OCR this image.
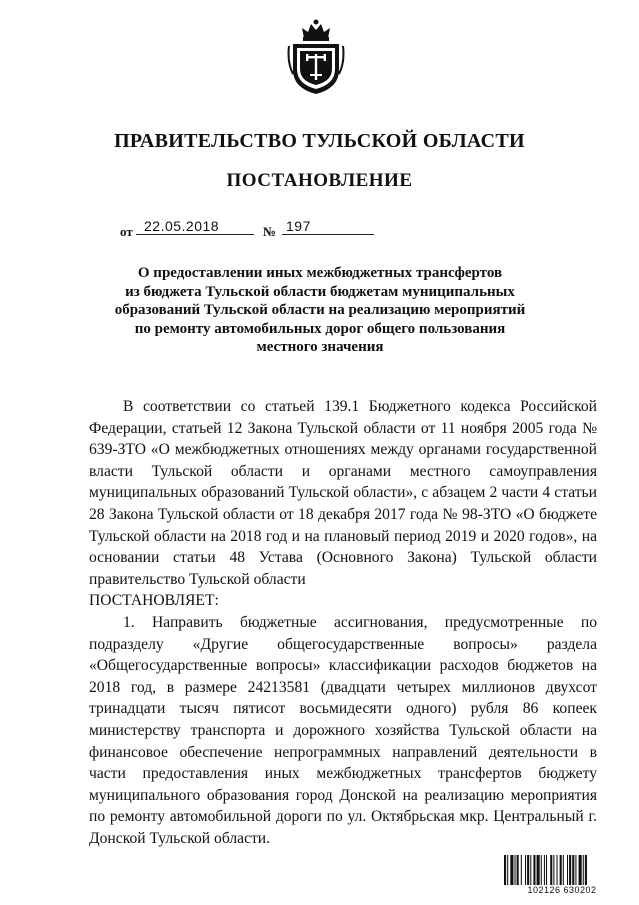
ПРАВИТЕЛЬСТВО ТУЛЬСКОЙ ОБЛАСТИ
ПОСТАНОВЛЕНИЕ
от 22.05.2018	№ 197
О предоставлении иных межбюджетных трансфертов
из бюджета Тульской области бюджетам муниципальных
образований Тульской области на реализацию мероприятий
по ремонту автомобильных дорог общего пользования
местного значения

В соответствии со статьей 139.1 Бюджетного кодекса Российской Федерации, статьей 12 Закона Тульской области от 11 ноября 2005 года № 639-ЗТО «О межбюджетных отношениях между органами государственной власти Тульской области и органами местного самоуправления муниципальных образований Тульской области», с абзацем 2 части 4 статьи 28 Закона Тульской области от 18 декабря 2017 года № 98-ЗТО «О бюджете Тульской области на 2018 год и на плановый период 2019 и 2020 годов», на основании статьи 48 Устава (Основного Закона) Тульской области правительство Тульской области

ПОСТАНОВЛЯЕТ:

1. Направить бюджетные ассигнования, предусмотренные по подразделу «Другие общегосударственные вопросы» раздела «Общегосударственные вопросы» классификации расходов бюджетов на 2018 год, в размере 24213581 (двадцати четырех миллионов двухсот тринадцати тысяч пятисот восьмидесяти одного) рубля 86 копеек министерству транспорта и дорожного хозяйства Тульской области на финансовое обеспечение непрограммных направлений деятельности в части предоставления иных межбюджетных трансфертов бюджету муниципального образования город Донской на реализацию мероприятия по ремонту автомобильной дороги по ул. Октябрьская мкр. Центральный г. Донской Тульской области.

102126 630202
